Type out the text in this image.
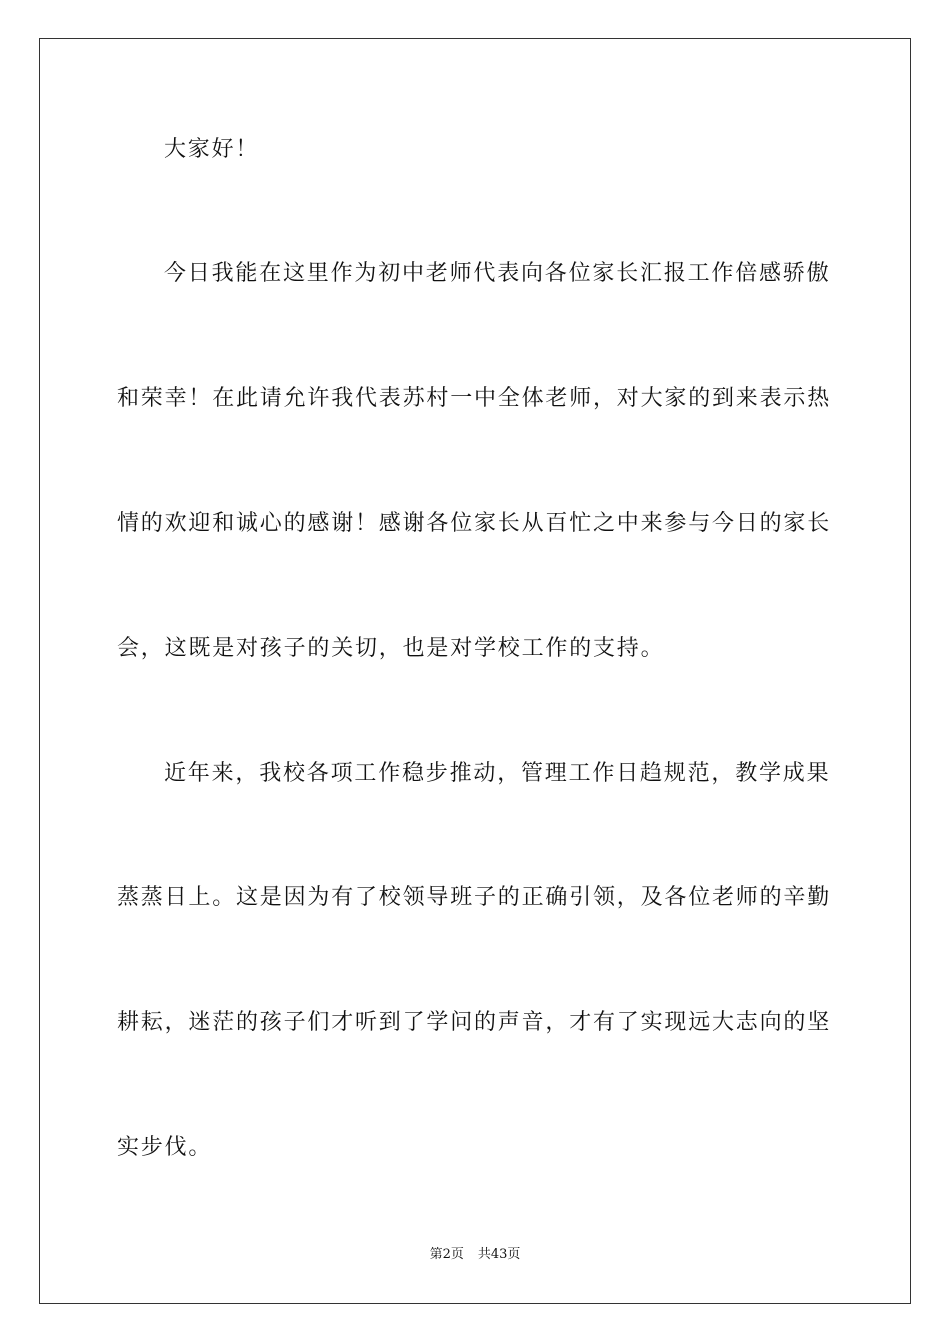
大家好！
今日我能在这里作为初中老师代表向各位家长汇报工作倍感骄傲
和荣幸！在此请允许我代表苏村一中全体老师，对大家的到来表示热
情的欢迎和诚心的感谢！感谢各位家长从百忙之中来参与今日的家长
会，这既是对孩子的关切，也是对学校工作的支持。
近年来，我校各项工作稳步推动，管理工作日趋规范，教学成果
蒸蒸日上。这是因为有了校领导班子的正确引领，及各位老师的辛勤
耕耘，迷茫的孩子们才听到了学问的声音，才有了实现远大志向的坚
实步伐。
第2页 共43页
